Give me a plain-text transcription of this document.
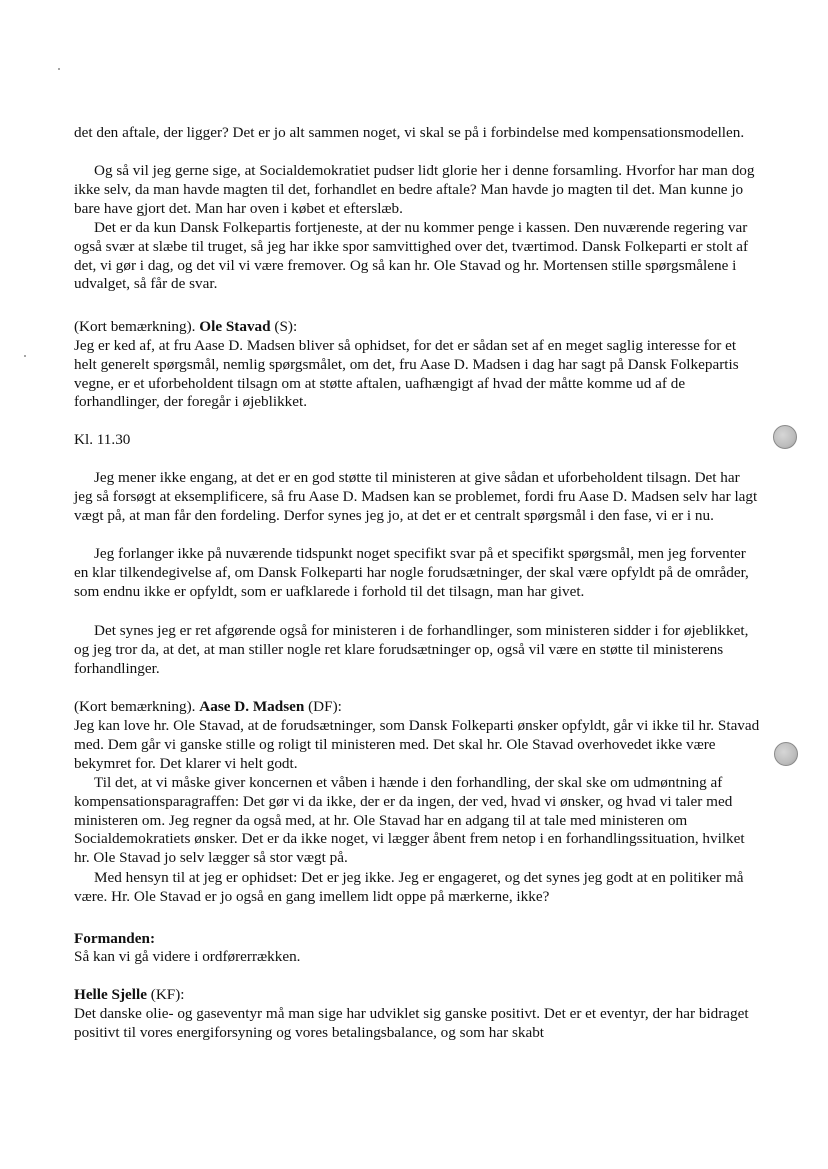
det den aftale, der ligger? Det er jo alt sammen noget, vi skal se på i forbindelse med kompensationsmodellen.

Og så vil jeg gerne sige, at Socialdemokratiet pudser lidt glorie her i denne forsamling. Hvorfor har man dog ikke selv, da man havde magten til det, forhandlet en bedre aftale? Man havde jo magten til det. Man kunne jo bare have gjort det. Man har oven i købet et efterslæb.

Det er da kun Dansk Folkepartis fortjeneste, at der nu kommer penge i kassen. Den nuværende regering var også svær at slæbe til truget, så jeg har ikke spor samvittighed over det, tværtimod. Dansk Folkeparti er stolt af det, vi gør i dag, og det vil vi være fremover. Og så kan hr. Ole Stavad og hr. Mortensen stille spørgsmålene i udvalget, så får de svar.

(Kort bemærkning). Ole Stavad (S):

Jeg er ked af, at fru Aase D. Madsen bliver så ophidset, for det er sådan set af en meget saglig interesse for et helt generelt spørgsmål, nemlig spørgsmålet, om det, fru Aase D. Madsen i dag har sagt på Dansk Folkepartis vegne, er et uforbeholdent tilsagn om at støtte aftalen, uafhængigt af hvad der måtte komme ud af de forhandlinger, der foregår i øjeblikket.

Kl. 11.30

Jeg mener ikke engang, at det er en god støtte til ministeren at give sådan et uforbeholdent tilsagn. Det har jeg så forsøgt at eksemplificere, så fru Aase D. Madsen kan se problemet, fordi fru Aase D. Madsen selv har lagt vægt på, at man får den fordeling. Derfor synes jeg jo, at det er et centralt spørgsmål i den fase, vi er i nu.

Jeg forlanger ikke på nuværende tidspunkt noget specifikt svar på et specifikt spørgsmål, men jeg forventer en klar tilkendegivelse af, om Dansk Folkeparti har nogle forudsætninger, der skal være opfyldt på de områder, som endnu ikke er opfyldt, som er uafklarede i forhold til det tilsagn, man har givet.

Det synes jeg er ret afgørende også for ministeren i de forhandlinger, som ministeren sidder i for øjeblikket, og jeg tror da, at det, at man stiller nogle ret klare forudsætninger op, også vil være en støtte til ministerens forhandlinger.

(Kort bemærkning). Aase D. Madsen (DF):

Jeg kan love hr. Ole Stavad, at de forudsætninger, som Dansk Folkeparti ønsker opfyldt, går vi ikke til hr. Stavad med. Dem går vi ganske stille og roligt til ministeren med. Det skal hr. Ole Stavad overhovedet ikke være bekymret for. Det klarer vi helt godt.

Til det, at vi måske giver koncernen et våben i hænde i den forhandling, der skal ske om udmøntning af kompensationsparagraffen: Det gør vi da ikke, der er da ingen, der ved, hvad vi ønsker, og hvad vi taler med ministeren om. Jeg regner da også med, at hr. Ole Stavad har en adgang til at tale med ministeren om Socialdemokratiets ønsker. Det er da ikke noget, vi lægger åbent frem netop i en forhandlingssituation, hvilket hr. Ole Stavad jo selv lægger så stor vægt på.

Med hensyn til at jeg er ophidset: Det er jeg ikke. Jeg er engageret, og det synes jeg godt at en politiker må være. Hr. Ole Stavad er jo også en gang imellem lidt oppe på mærkerne, ikke?

Formanden:

Så kan vi gå videre i ordførerrækken.

Helle Sjelle (KF):

Det danske olie- og gaseventyr må man sige har udviklet sig ganske positivt. Det er et eventyr, der har bidraget positivt til vores energiforsyning og vores betalingsbalance, og som har skabt
